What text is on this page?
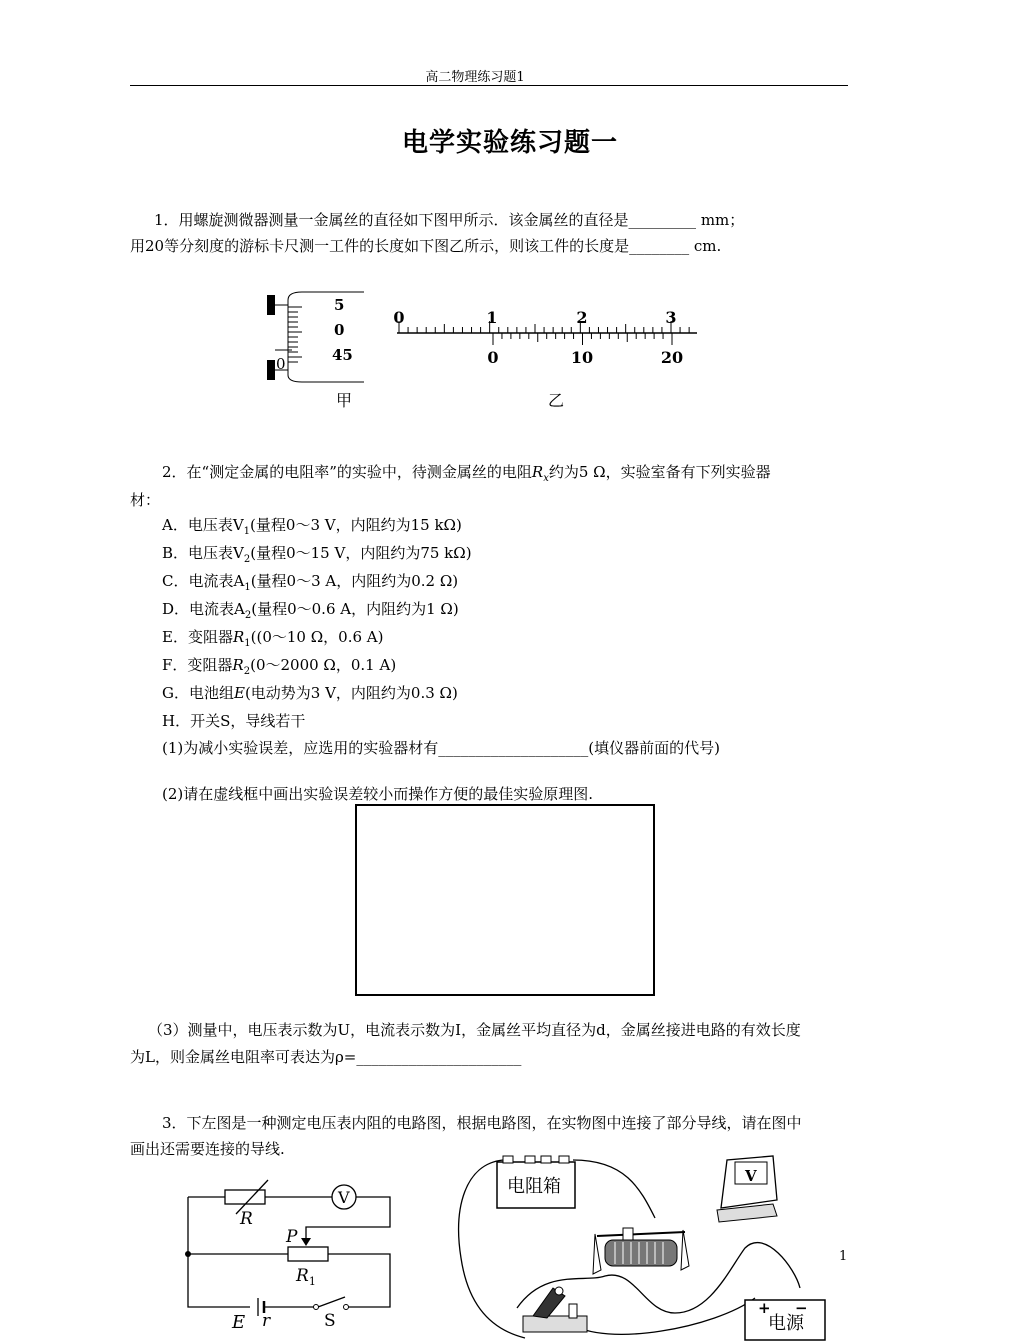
高二物理练习题1
电学实验练习题一
1．用螺旋测微器测量一金属丝的直径如下图甲所示．该金属丝的直径是_________ mm；
用20等分刻度的游标卡尺测一工件的长度如下图乙所示，则该工件的长度是________ cm.
5
0
45
0
甲
0	1	2	3
0	10	20
乙
2．在“测定金属的电阻率”的实验中，待测金属丝的电阻$R_x$约为5 Ω，实验室备有下列实验器
材：
A．电压表$V_1$(量程0～3 V，内阻约为15 kΩ)
B．电压表$V_2$(量程0～15 V，内阻约为75 kΩ)
C．电流表$A_1$(量程0～3 A，内阻约为0.2 Ω)
D．电流表$A_2$(量程0～0.6 A，内阻约为1 Ω)
E．变阻器$R_1((0\sim 10$ Ω，0.6 A)
F．变阻器$R_2(0\sim 2000$ Ω，0.1 A)
G．电池组E(电动势为3 V，内阻约为0.3 Ω)
H．开关S，导线若干
(1)为减小实验误差，应选用的实验器材有____________________(填仪器前面的代号)
(2)请在虚线框中画出实验误差较小而操作方便的最佳实验原理图.
（3）测量中，电压表示数为U，电流表示数为I，金属丝平均直径为d，金属丝接进电路的有效长度
为L，则金属丝电阻率可表达为ρ=______________________
3．下左图是一种测定电压表内阻的电路图，根据电路图，在实物图中连接了部分导线，请在图中
画出还需要连接的导线.
R
V
P
$R_1$
E r	S
电阻箱	V
+ −
电源
1
